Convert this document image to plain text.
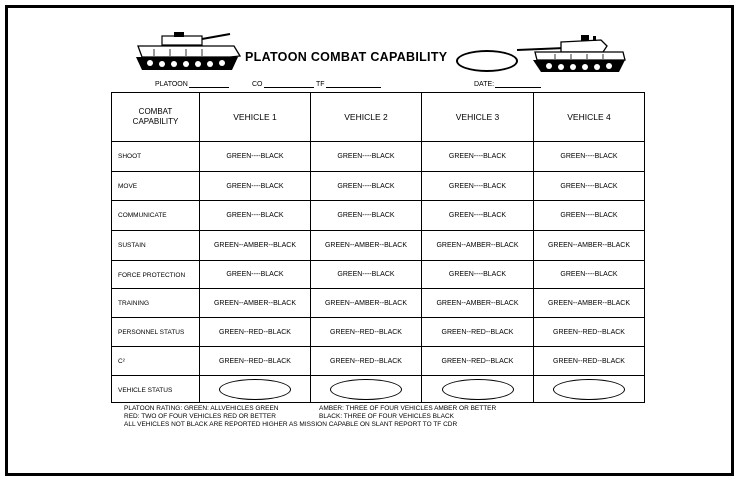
PLATOON COMBAT CAPABILITY
PLATOON	CO	TF	DATE:
COMBAT
CAPABILITY	VEHICLE 1	VEHICLE 2	VEHICLE 3	VEHICLE 4
SHOOT	GREEN----BLACK	GREEN----BLACK	GREEN----BLACK	GREEN----BLACK
MOVE	GREEN----BLACK	GREEN----BLACK	GREEN----BLACK	GREEN----BLACK
COMMUNICATE	GREEN----BLACK	GREEN----BLACK	GREEN----BLACK	GREEN----BLACK
SUSTAIN	GREEN--AMBER--BLACK	GREEN--AMBER--BLACK	GREEN--AMBER--BLACK	GREEN--AMBER--BLACK
FORCE PROTECTION	GREEN----BLACK	GREEN----BLACK	GREEN----BLACK	GREEN----BLACK
TRAINING	GREEN--AMBER--BLACK	GREEN--AMBER--BLACK	GREEN--AMBER--BLACK	GREEN--AMBER--BLACK
PERSONNEL STATUS	GREEN--RED--BLACK	GREEN--RED--BLACK	GREEN--RED--BLACK	GREEN--RED--BLACK
C²	GREEN--RED--BLACK	GREEN--RED--BLACK	GREEN--RED--BLACK	GREEN--RED--BLACK
VEHICLE STATUS				
PLATOON RATING: GREEN: ALLVEHICLES GREEN	AMBER: THREE OF FOUR VEHICLES AMBER OR BETTER
RED: TWO OF FOUR VEHICLES RED OR BETTER	BLACK: THREE OF FOUR VEHICLES BLACK
ALL VEHICLES NOT BLACK ARE REPORTED HIGHER AS MISSION CAPABLE ON SLANT REPORT TO TF CDR
